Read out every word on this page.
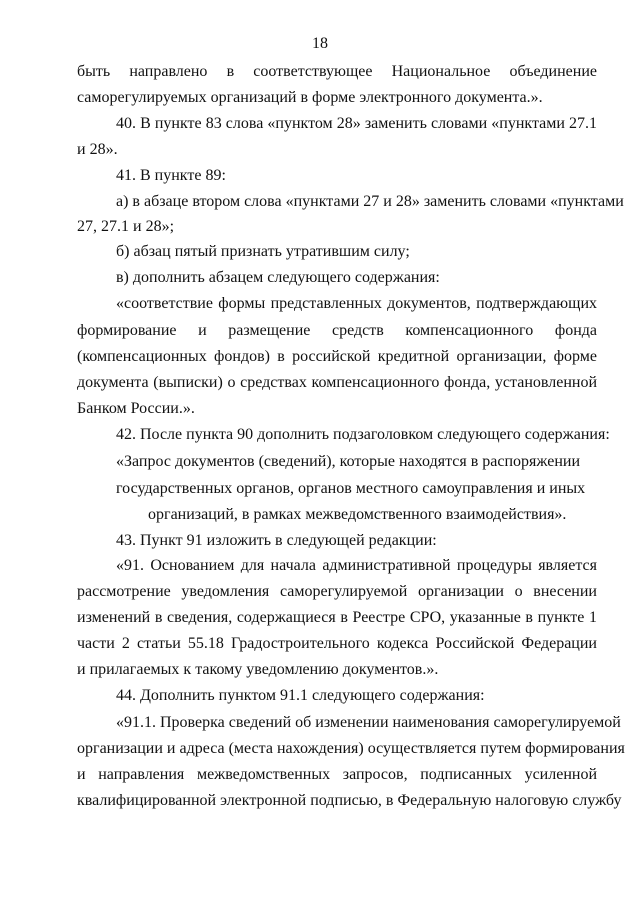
18
быть направлено в соответствующее Национальное объединение
саморегулируемых организаций в форме электронного документа.».
40. В пункте 83 слова «пунктом 28» заменить словами «пунктами 27.1
и 28».
41. В пункте 89:
а) в абзаце втором слова «пунктами 27 и 28» заменить словами «пунктами
27, 27.1 и 28»;
б) абзац пятый признать утратившим силу;
в) дополнить абзацем следующего содержания:
«соответствие формы представленных документов, подтверждающих
формирование и размещение средств компенсационного фонда
(компенсационных фондов) в российской кредитной организации, форме
документа (выписки) о средствах компенсационного фонда, установленной
Банком России.».
42. После пункта 90 дополнить подзаголовком следующего содержания:
«Запрос документов (сведений), которые находятся в распоряжении
государственных органов, органов местного самоуправления и иных
организаций, в рамках межведомственного взаимодействия».
43. Пункт 91 изложить в следующей редакции:
«91. Основанием для начала административной процедуры является
рассмотрение уведомления саморегулируемой организации о внесении
изменений в сведения, содержащиеся в Реестре СРО, указанные в пункте 1
части 2 статьи 55.18 Градостроительного кодекса Российской Федерации
и прилагаемых к такому уведомлению документов.».
44. Дополнить пунктом 91.1 следующего содержания:
«91.1. Проверка сведений об изменении наименования саморегулируемой
организации и адреса (места нахождения) осуществляется путем формирования
и направления межведомственных запросов, подписанных усиленной
квалифицированной электронной подписью, в Федеральную налоговую службу
